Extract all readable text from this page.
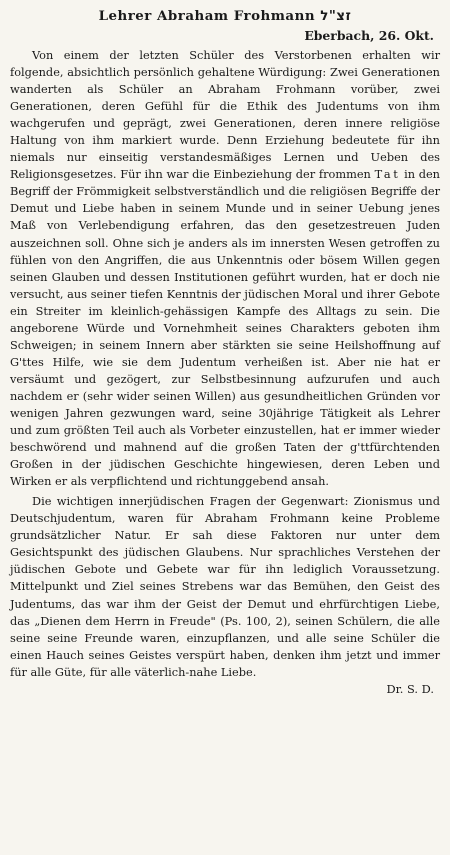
Lehrer Abraham Frohmann זצ"ל

Eberbach, 26. Okt.

Von einem der letzten Schüler des Verstorbenen erhalten wir folgende, absichtlich persönlich gehaltene Würdigung: Zwei Generationen wanderten als Schüler an Abraham Frohmann vorüber, zwei Generationen, deren Gefühl für die Ethik des Judentums von ihm wachgerufen und geprägt, zwei Generationen, deren innere religiöse Haltung von ihm markiert wurde. Denn Erziehung bedeutete für ihn niemals nur einseitig verstandesmäßiges Lernen und Ueben des Religionsgesetzes. Für ihn war die Einbeziehung der frommen Tat in den Begriff der Frömmigkeit selbstverständlich und die religiösen Begriffe der Demut und Liebe haben in seinem Munde und in seiner Uebung jenes Maß von Verlebendigung erfahren, das den gesetzestreuen Juden auszeichnen soll. Ohne sich je anders als im innersten Wesen getroffen zu fühlen von den Angriffen, die aus Unkenntnis oder bösem Willen gegen seinen Glauben und dessen Institutionen geführt wurden, hat er doch nie versucht, aus seiner tiefen Kenntnis der jüdischen Moral und ihrer Gebote ein Streiter im kleinlich-gehässigen Kampfe des Alltags zu sein. Die angeborene Würde und Vornehmheit seines Charakters geboten ihm Schweigen; in seinem Innern aber stärkten sie seine Heilshoffnung auf G'ttes Hilfe, wie sie dem Judentum verheißen ist. Aber nie hat er versäumt und gezögert, zur Selbstbesinnung aufzurufen und auch nachdem er (sehr wider seinen Willen) aus gesundheitlichen Gründen vor wenigen Jahren gezwungen ward, seine 30jährige Tätigkeit als Lehrer und zum größten Teil auch als Vorbeter einzustellen, hat er immer wieder beschwörend und mahnend auf die großen Taten der g'ttfürchtenden Großen in der jüdischen Geschichte hingewiesen, deren Leben und Wirken er als verpflichtend und richtunggebend ansah.

Die wichtigen innerjüdischen Fragen der Gegenwart: Zionismus und Deutschjudentum, waren für Abraham Frohmann keine Probleme grundsätzlicher Natur. Er sah diese Faktoren nur unter dem Gesichtspunkt des jüdischen Glaubens. Nur sprachliches Verstehen der jüdischen Gebote und Gebete war für ihn lediglich Voraussetzung. Mittelpunkt und Ziel seines Strebens war das Bemühen, den Geist des Judentums, das war ihm der Geist der Demut und ehrfürchtigen Liebe, das „Dienen dem Herrn in Freude" (Ps. 100, 2), seinen Schülern, die alle seine seine Freunde waren, einzupflanzen, und alle seine Schüler die einen Hauch seines Geistes verspürt haben, denken ihm jetzt und immer für alle Güte, für alle väterlich-nahe Liebe.

Dr. S. D.
